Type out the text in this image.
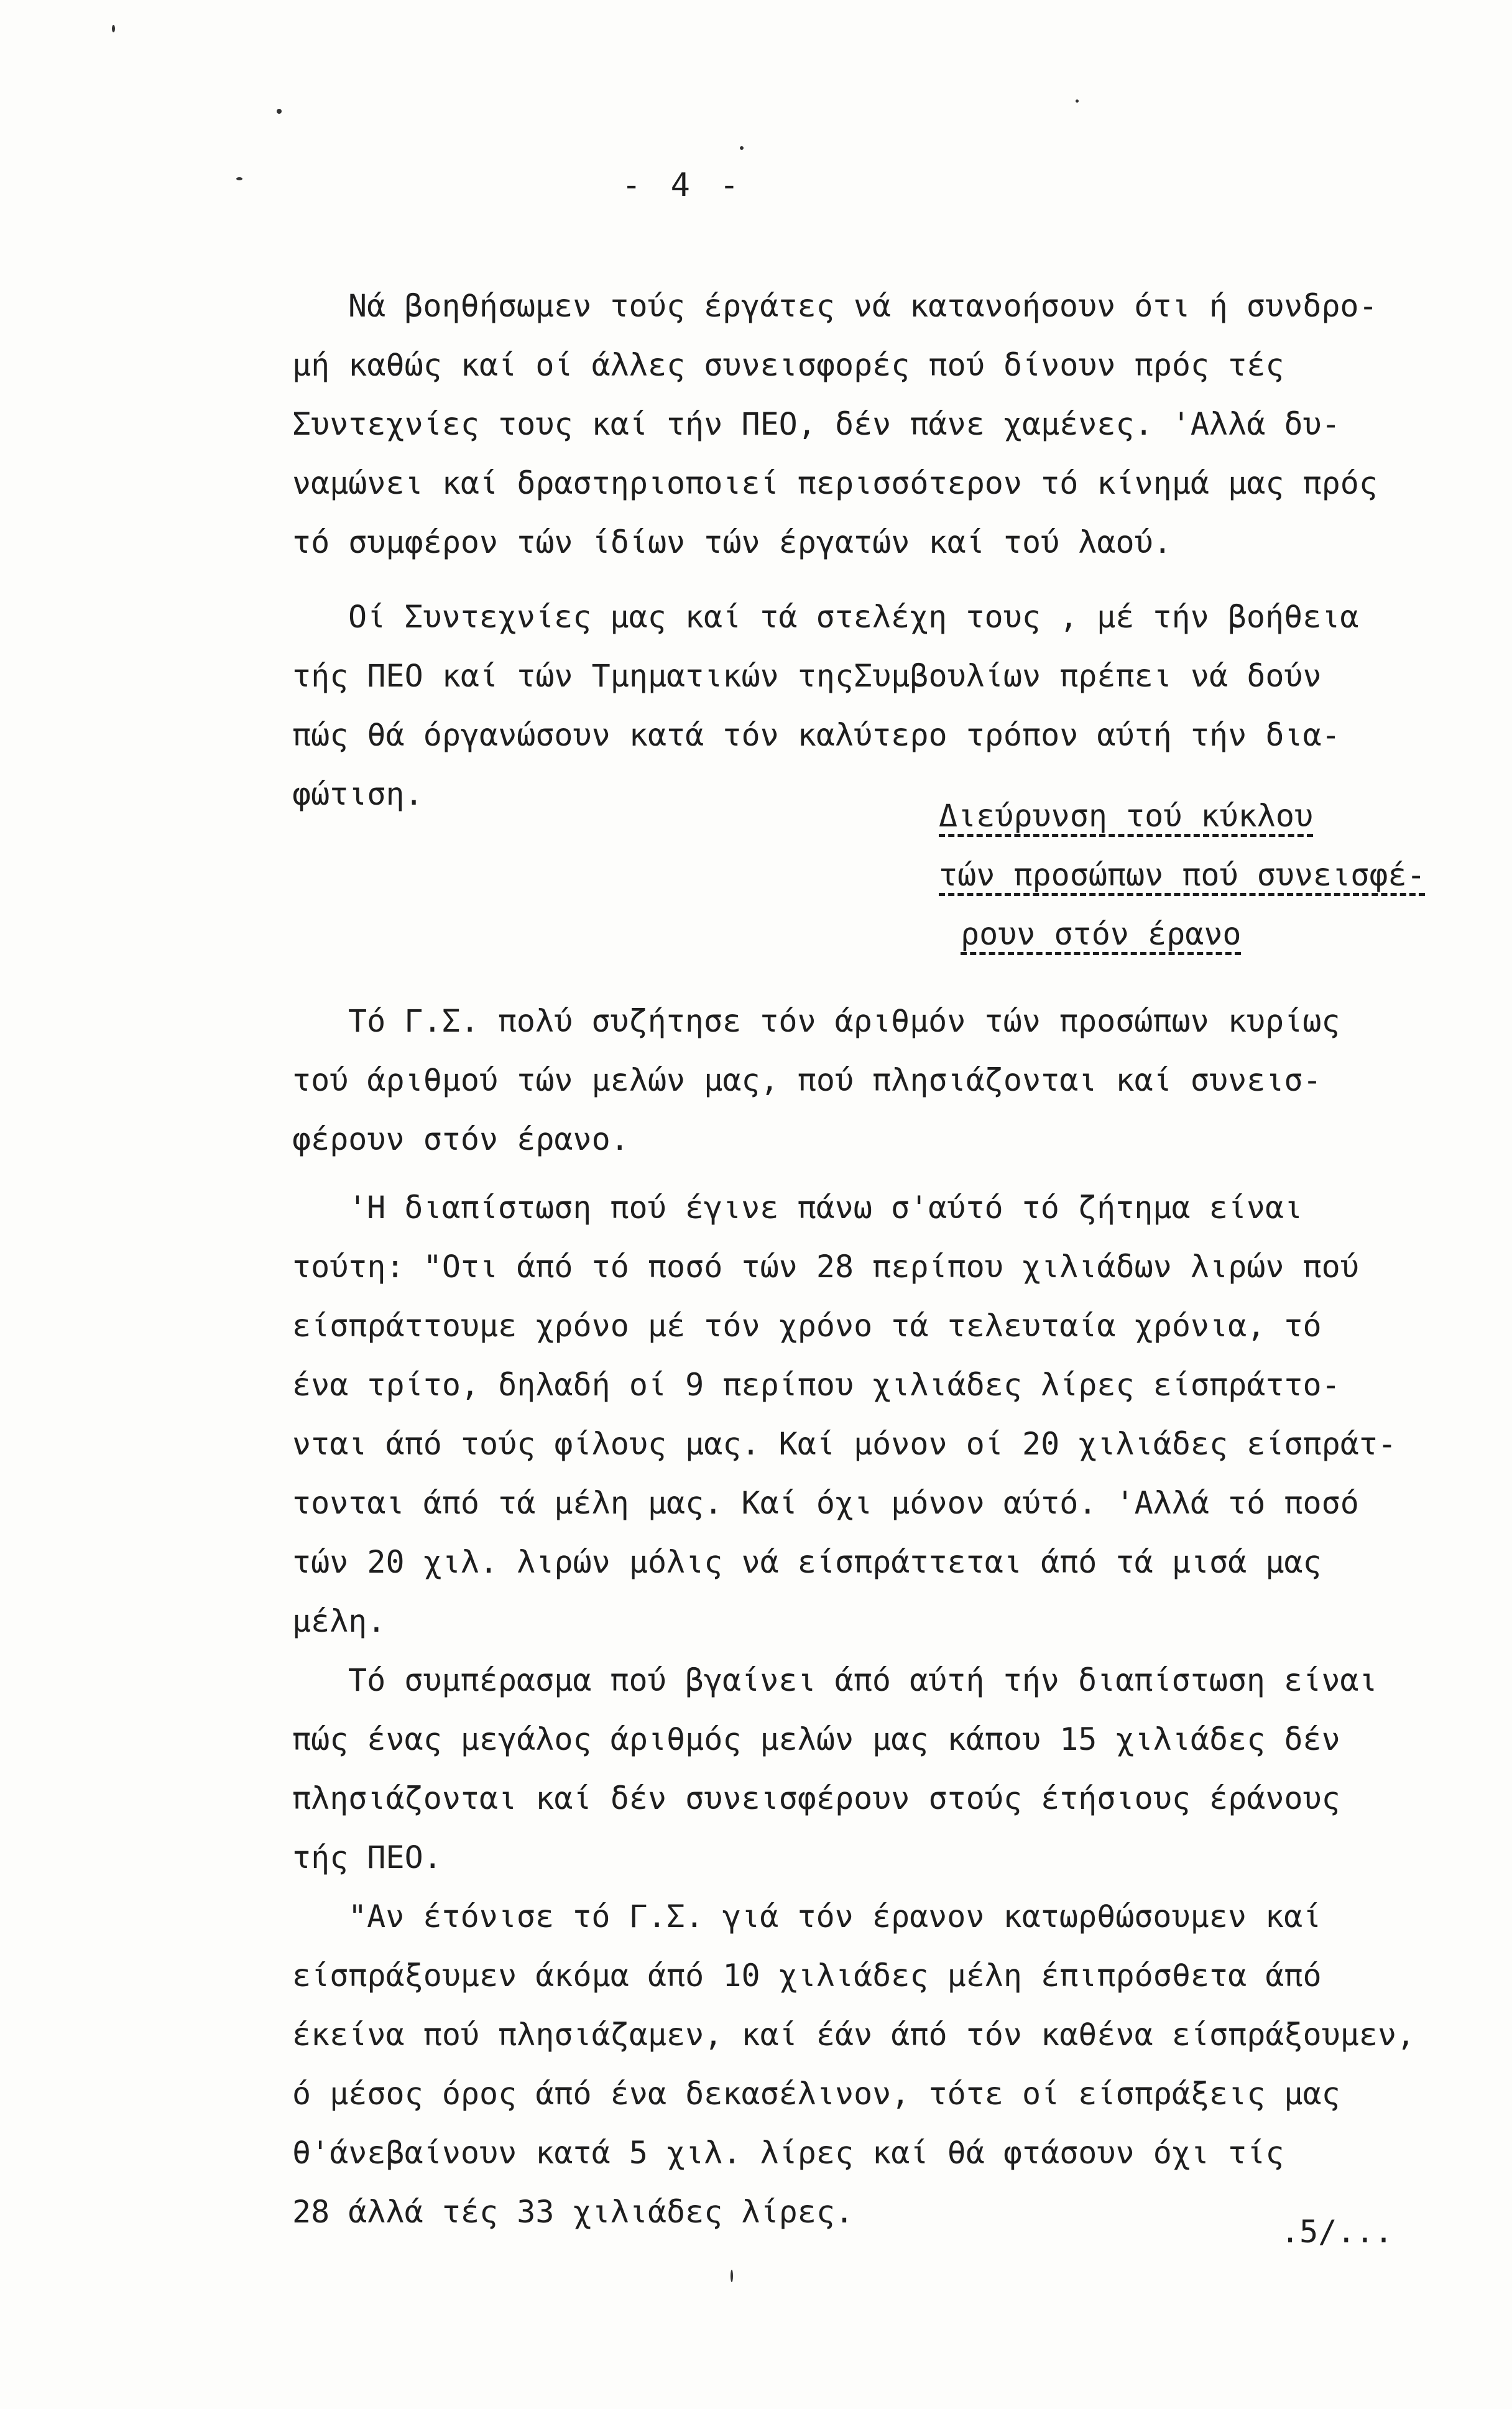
- 4 -
Νά βοηθήσωμεν τούς έργάτες νά κατανοήσουν ότι ή συνδρο-
μή καθώς καί οί άλλες συνεισφορές πού δίνουν πρός τές
Συντεχνίες τους καί τήν ΠΕΟ, δέν πάνε χαμένες. 'Αλλά δυ-
ναμώνει καί δραστηριοποιεί περισσότερον τό κίνημά μας πρός
τό συμφέρον τών ίδίων τών έργατών καί τού λαού.
Οί Συντεχνίες μας καί τά στελέχη τους , μέ τήν βοήθεια
τής ΠΕΟ καί τών Τμηματικών τηςΣυμβουλίων πρέπει νά δούν
πώς θά όργανώσουν κατά τόν καλύτερο τρόπον αύτή τήν δια-
φώτιση.
Διεύρυνση τού κύκλου
τών προσώπων πού συνεισφέ-
ρουν στόν έρανο
Τό Γ.Σ. πολύ συζήτησε τόν άριθμόν τών προσώπων κυρίως
τού άριθμού τών μελών μας, πού πλησιάζονται καί συνεισ-
φέρουν στόν έρανο.
'Η διαπίστωση πού έγινε πάνω σ'αύτό τό ζήτημα είναι
τούτη: "Οτι άπό τό ποσό τών 28 περίπου χιλιάδων λιρών πού
είσπράττουμε χρόνο μέ τόν χρόνο τά τελευταία χρόνια, τό
ένα τρίτο, δηλαδή οί 9 περίπου χιλιάδες λίρες είσπράττο-
νται άπό τούς φίλους μας. Καί μόνον οί 20 χιλιάδες είσπράτ-
τονται άπό τά μέλη μας. Καί όχι μόνον αύτό. 'Αλλά τό ποσό
τών 20 χιλ. λιρών μόλις νά είσπράττεται άπό τά μισά μας
μέλη.
Τό συμπέρασμα πού βγαίνει άπό αύτή τήν διαπίστωση είναι
πώς ένας μεγάλος άριθμός μελών μας κάπου 15 χιλιάδες δέν
πλησιάζονται καί δέν συνεισφέρουν στούς έτήσιους έράνους
τής ΠΕΟ.
"Αν έτόνισε τό Γ.Σ. γιά τόν έρανον κατωρθώσουμεν καί
είσπράξουμεν άκόμα άπό 10 χιλιάδες μέλη έπιπρόσθετα άπό
έκείνα πού πλησιάζαμεν, καί έάν άπό τόν καθένα είσπράξουμεν,
ό μέσος όρος άπό ένα δεκασέλινον, τότε οί είσπράξεις μας
θ'άνεβαίνουν κατά 5 χιλ. λίρες καί θά φτάσουν όχι τίς
28 άλλά τές 33 χιλιάδες λίρες.
.5/...
